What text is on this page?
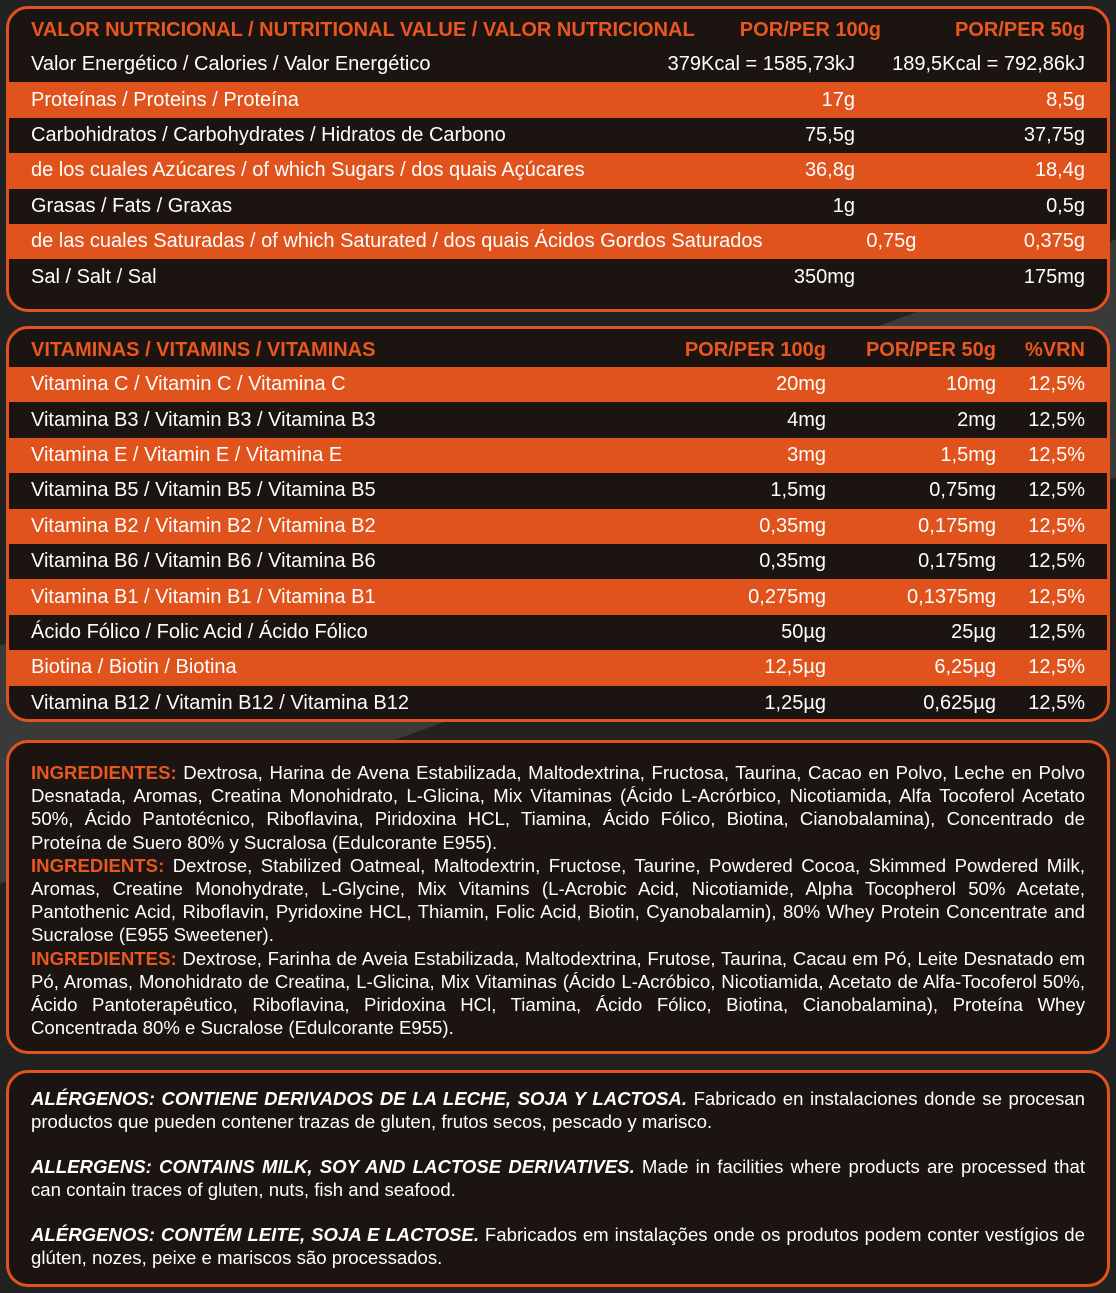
VALOR NUTRICIONAL / NUTRITIONAL VALUE / VALOR NUTRICIONAL	POR/PER 100g	POR/PER 50g
Valor Energético / Calories / Valor Energético	379Kcal = 1585,73kJ	189,5Kcal = 792,86kJ
Proteínas / Proteins / Proteína	17g	8,5g
Carbohidratos / Carbohydrates / Hidratos de Carbono	75,5g	37,75g
de los cuales Azúcares / of which Sugars / dos quais Açúcares	36,8g	18,4g
Grasas / Fats / Graxas	1g	0,5g
de las cuales Saturadas / of which Saturated / dos quais Ácidos Gordos Saturados	0,75g	0,375g
Sal / Salt / Sal	350mg	175mg
VITAMINAS / VITAMINS / VITAMINAS	POR/PER 100g	POR/PER 50g	%VRN
Vitamina C / Vitamin C / Vitamina C	20mg	10mg	12,5%
Vitamina B3 / Vitamin B3 / Vitamina B3	4mg	2mg	12,5%
Vitamina E / Vitamin E / Vitamina E	3mg	1,5mg	12,5%
Vitamina B5 / Vitamin B5 / Vitamina B5	1,5mg	0,75mg	12,5%
Vitamina B2 / Vitamin B2 / Vitamina B2	0,35mg	0,175mg	12,5%
Vitamina B6 / Vitamin B6 / Vitamina B6	0,35mg	0,175mg	12,5%
Vitamina B1 / Vitamin B1 / Vitamina B1	0,275mg	0,1375mg	12,5%
Ácido Fólico / Folic Acid / Ácido Fólico	50µg	25µg	12,5%
Biotina / Biotin / Biotina	12,5µg	6,25µg	12,5%
Vitamina B12 / Vitamin B12 / Vitamina B12	1,25µg	0,625µg	12,5%

INGREDIENTES: Dextrosa, Harina de Avena Estabilizada, Maltodextrina, Fructosa, Taurina, Cacao en Polvo, Leche en Polvo Desnatada, Aromas, Creatina Monohidrato, L-Glicina, Mix Vitaminas (Ácido L-Acrórbico, Nicotiamida, Alfa Tocoferol Acetato 50%, Ácido Pantotécnico, Riboflavina, Piridoxina HCL, Tiamina, Ácido Fólico, Biotina, Cianobalamina), Concentrado de Proteína de Suero 80% y Sucralosa (Edulcorante E955).

INGREDIENTS: Dextrose, Stabilized Oatmeal, Maltodextrin, Fructose, Taurine, Powdered Cocoa, Skimmed Powdered Milk, Aromas, Creatine Monohydrate, L-Glycine, Mix Vitamins (L-Acrobic Acid, Nicotiamide, Alpha Tocopherol 50% Acetate, Pantothenic Acid, Riboflavin, Pyridoxine HCL, Thiamin, Folic Acid, Biotin, Cyanobalamin), 80% Whey Protein Concentrate and Sucralose (E955 Sweetener).

INGREDIENTES: Dextrose, Farinha de Aveia Estabilizada, Maltodextrina, Frutose, Taurina, Cacau em Pó, Leite Desnatado em Pó, Aromas, Monohidrato de Creatina, L-Glicina, Mix Vitaminas (Ácido L-Acróbico, Nicotiamida, Acetato de Alfa-Tocoferol 50%, Ácido Pantoterapêutico, Riboflavina, Piridoxina HCl, Tiamina, Ácido Fólico, Biotina, Cianobalamina), Proteína Whey Concentrada 80% e Sucralose (Edulcorante E955).

ALÉRGENOS: CONTIENE DERIVADOS DE LA LECHE, SOJA Y LACTOSA. Fabricado en instalaciones donde se procesan productos que pueden contener trazas de gluten, frutos secos, pescado y marisco.

ALLERGENS: CONTAINS MILK, SOY AND LACTOSE DERIVATIVES. Made in facilities where products are processed that can contain traces of gluten, nuts, fish and seafood.

ALÉRGENOS: CONTÉM LEITE, SOJA E LACTOSE. Fabricados em instalações onde os produtos podem conter vestígios de glúten, nozes, peixe e mariscos são processados.
